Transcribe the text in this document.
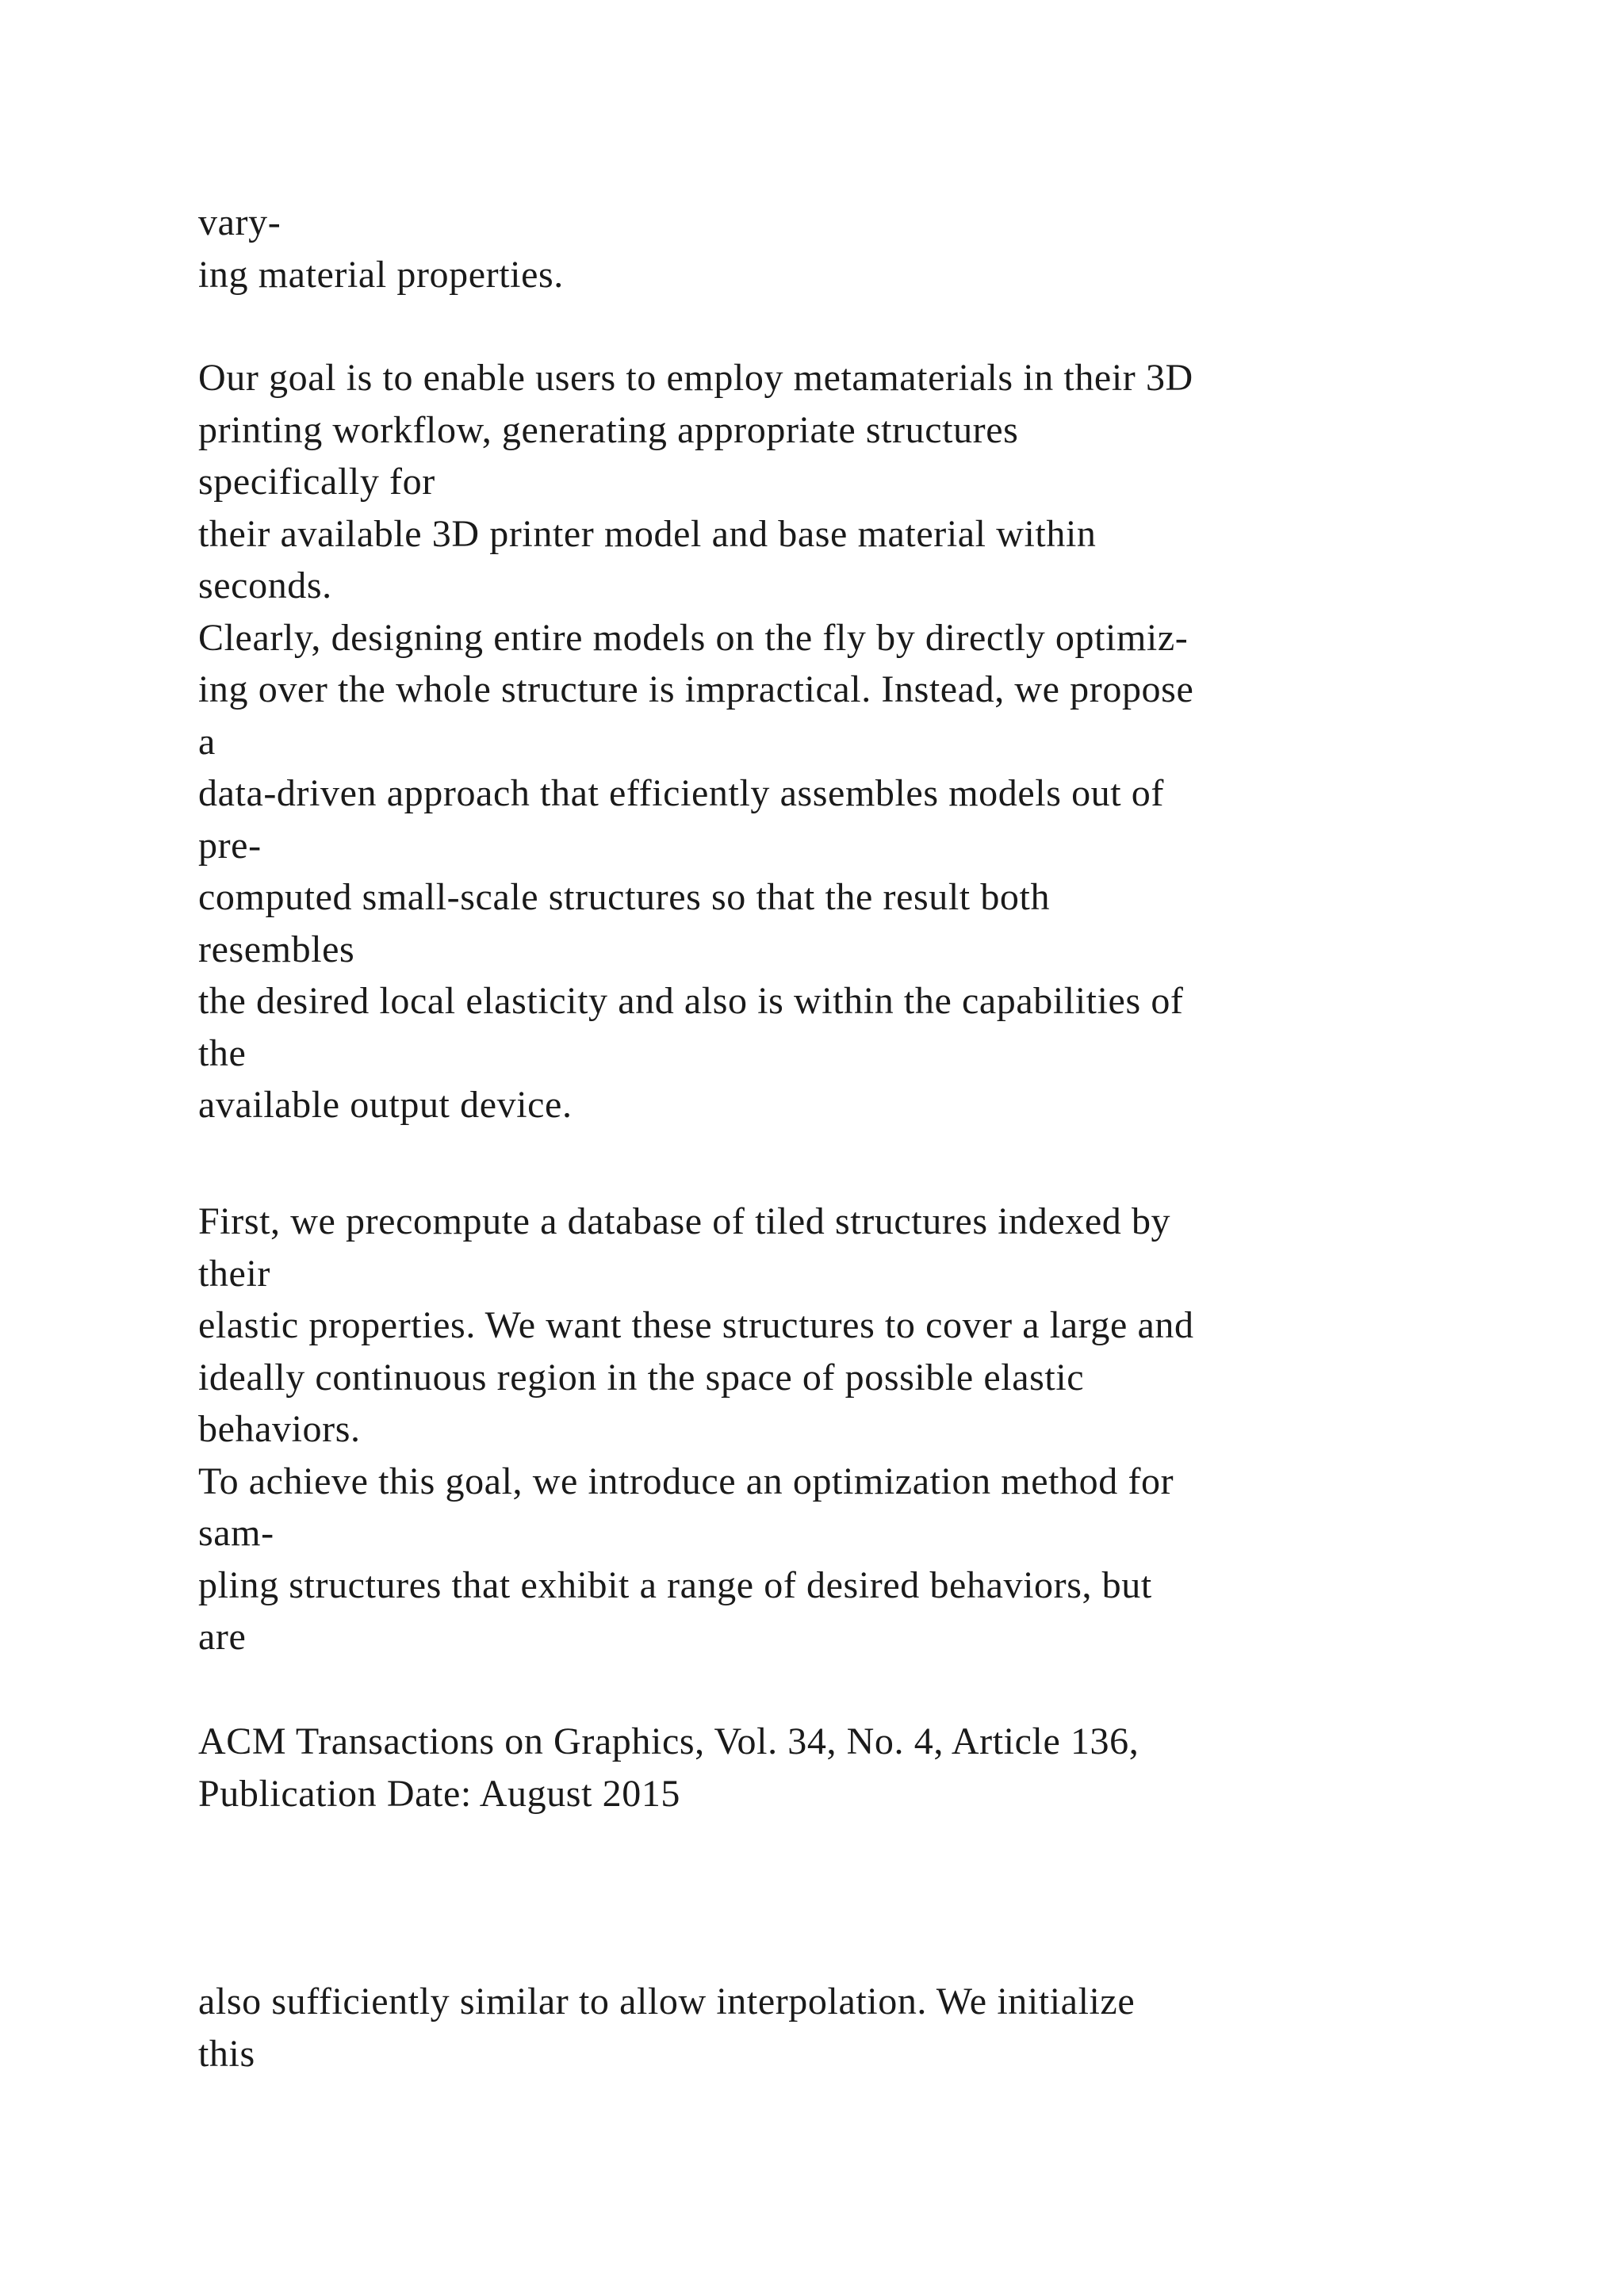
vary-
ing material properties.
Our goal is to enable users to employ metamaterials in their 3D
printing workflow, generating appropriate structures
specifically for
their available 3D printer model and base material within
seconds.
Clearly, designing entire models on the fly by directly optimiz-
ing over the whole structure is impractical. Instead, we propose
a
data-driven approach that efficiently assembles models out of
pre-
computed small-scale structures so that the result both
resembles
the desired local elasticity and also is within the capabilities of
the
available output device.
First, we precompute a database of tiled structures indexed by
their
elastic properties. We want these structures to cover a large and
ideally continuous region in the space of possible elastic
behaviors.
To achieve this goal, we introduce an optimization method for
sam-
pling structures that exhibit a range of desired behaviors, but
are
ACM Transactions on Graphics, Vol. 34, No. 4, Article 136,
Publication Date: August 2015
also sufficiently similar to allow interpolation. We initialize
this
